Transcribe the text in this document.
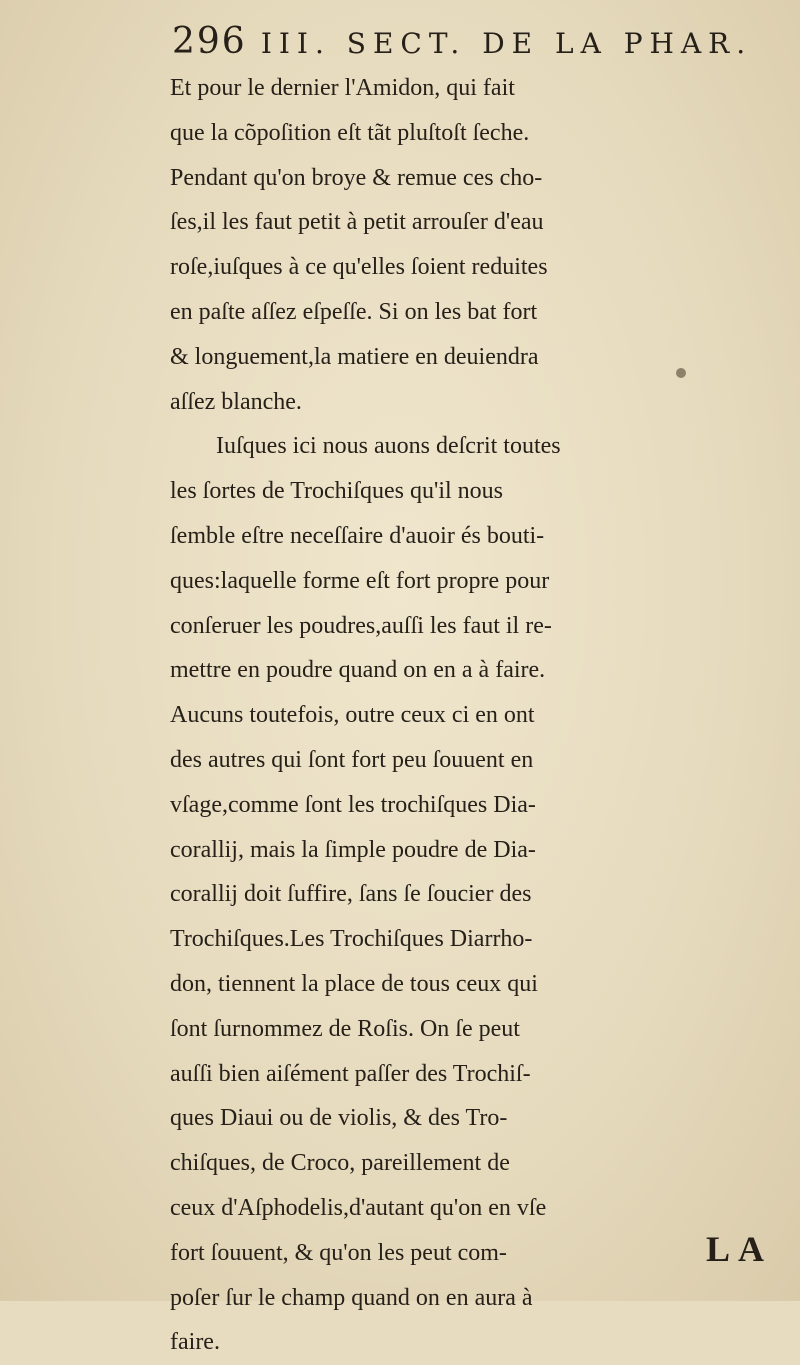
296 III. SECT. DE LA PHAR.
Et pour le dernier l'Amidon, qui fait
que la cõpoſition eſt tãt pluſtoſt ſeche.
Pendant qu'on broye & remue ces cho-
ſes,il les faut petit à petit arrouſer d'eau
roſe,iuſques à ce qu'elles ſoient reduites
en paſte aſſez eſpeſſe. Si on les bat fort
& longuement,la matiere en deuiendra
aſſez blanche.
Iuſques ici nous auons deſcrit toutes
les ſortes de Trochiſques qu'il nous
ſemble eſtre neceſſaire d'auoir és bouti-
ques:laquelle forme eſt fort propre pour
conſeruer les poudres,auſſi les faut il re-
mettre en poudre quand on en a à faire.
Aucuns toutefois, outre ceux ci en ont
des autres qui ſont fort peu ſouuent en
vſage,comme ſont les trochiſques Dia-
corallij, mais la ſimple poudre de Dia-
corallij doit ſuffire, ſans ſe ſoucier des
Trochiſques.Les Trochiſques Diarrho-
don, tiennent la place de tous ceux qui
ſont ſurnommez de Roſis. On ſe peut
auſſi bien aiſément paſſer des Trochiſ-
ques Diaui ou de violis, & des Tro-
chiſques, de Croco, pareillement de
ceux d'Aſphodelis,d'autant qu'on en vſe
fort ſouuent, & qu'on les peut com-
poſer ſur le champ quand on en aura à
faire.
LA
